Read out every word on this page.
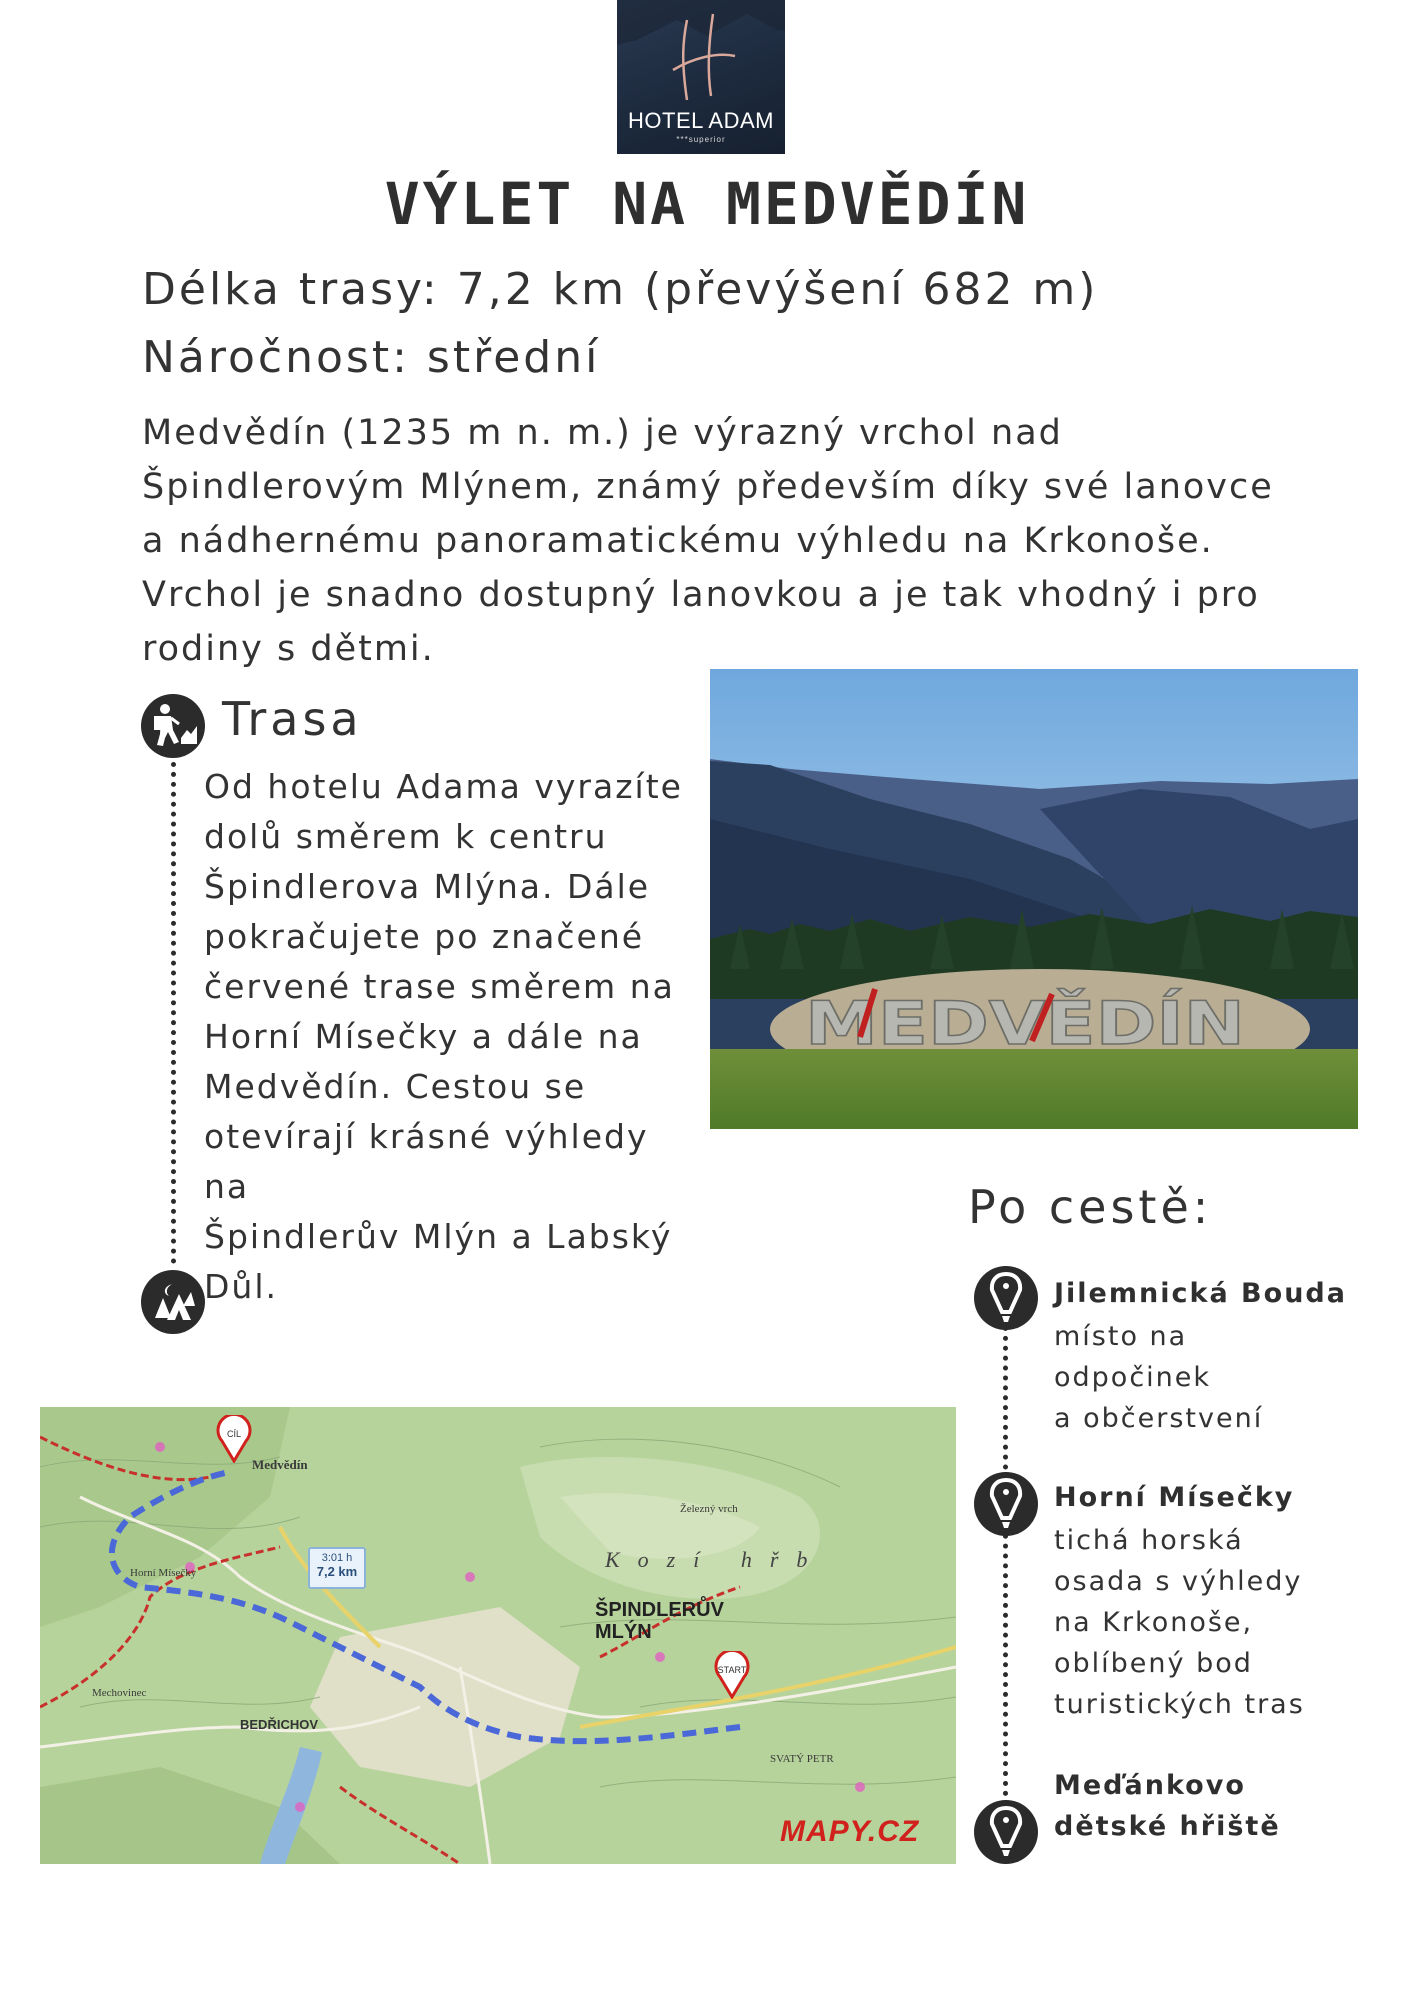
HOTEL ADAM
***superior
VÝLET NA MEDVĚDÍN
Délka trasy: 7,2 km (převýšení 682 m)
Náročnost: střední
Medvědín (1235 m n. m.) je výrazný vrchol nad Špindlerovým Mlýnem, známý především díky své lanovce a nádhernému panoramatickému výhledu na Krkonoše. Vrchol je snadno dostupný lanovkou a je tak vhodný i pro rodiny s dětmi.
Trasa
Od hotelu Adama vyrazíte
dolů směrem k centru
Špindlerova Mlýna. Dále
pokračujete po značené
červené trase směrem na
Horní Mísečky a dále na
Medvědín. Cestou se
otevírají krásné výhledy na
Špindlerův Mlýn a Labský
Důl.
MEDVĚDÍN
CÍL
START
3:01 h
7,2 km
Medvědín
ŠPINDLERŮV MLÝN
BEDŘICHOV
SVATÝ PETR
Mechovinec
Horní Mísečky
Železný vrch
Kozí hřb
MAPY.CZ
Po cestě:
Jilemnická Bouda
místo na
odpočinek
a občerstvení
Horní Mísečky
tichá horská
osada s výhledy
na Krkonoše,
oblíbený bod
turistických tras
Meďánkovo
dětské hřiště
